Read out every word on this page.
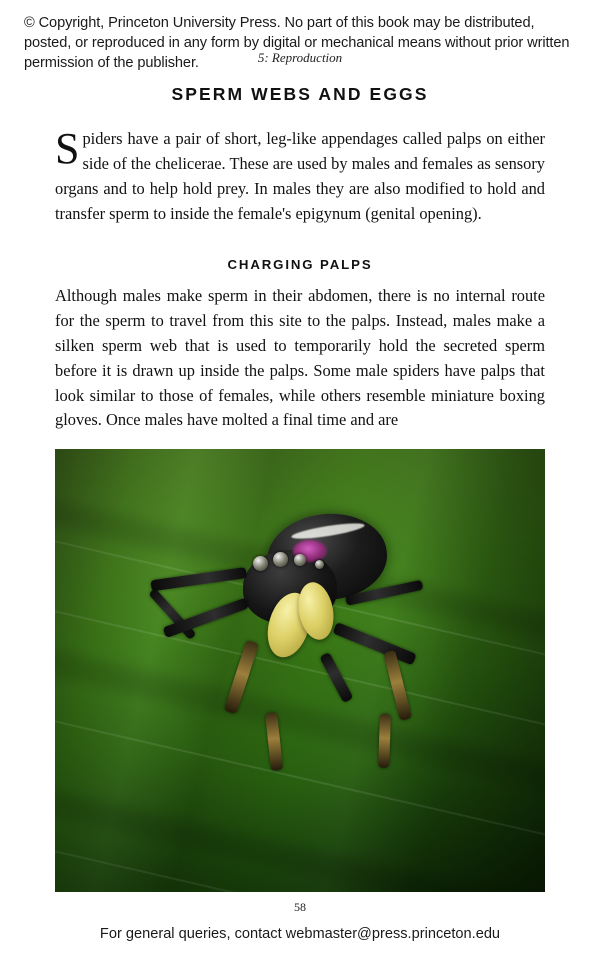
© Copyright, Princeton University Press. No part of this book may be distributed, posted, or reproduced in any form by digital or mechanical means without prior written permission of the publisher.	5: Reproduction
SPERM WEBS AND EGGS

Spiders have a pair of short, leg-like appendages called palps on either side of the chelicerae. These are used by males and females as sensory organs and to help hold prey. In males they are also modified to hold and transfer sperm to inside the female's epigynum (genital opening).

CHARGING PALPS

Although males make sperm in their abdomen, there is no internal route for the sperm to travel from this site to the palps. Instead, males make a silken sperm web that is used to temporarily hold the secreted sperm before it is drawn up inside the palps. Some male spiders have palps that look similar to those of females, while others resemble miniature boxing gloves. Once males have molted a final time and are

58
For general queries, contact webmaster@press.princeton.edu
